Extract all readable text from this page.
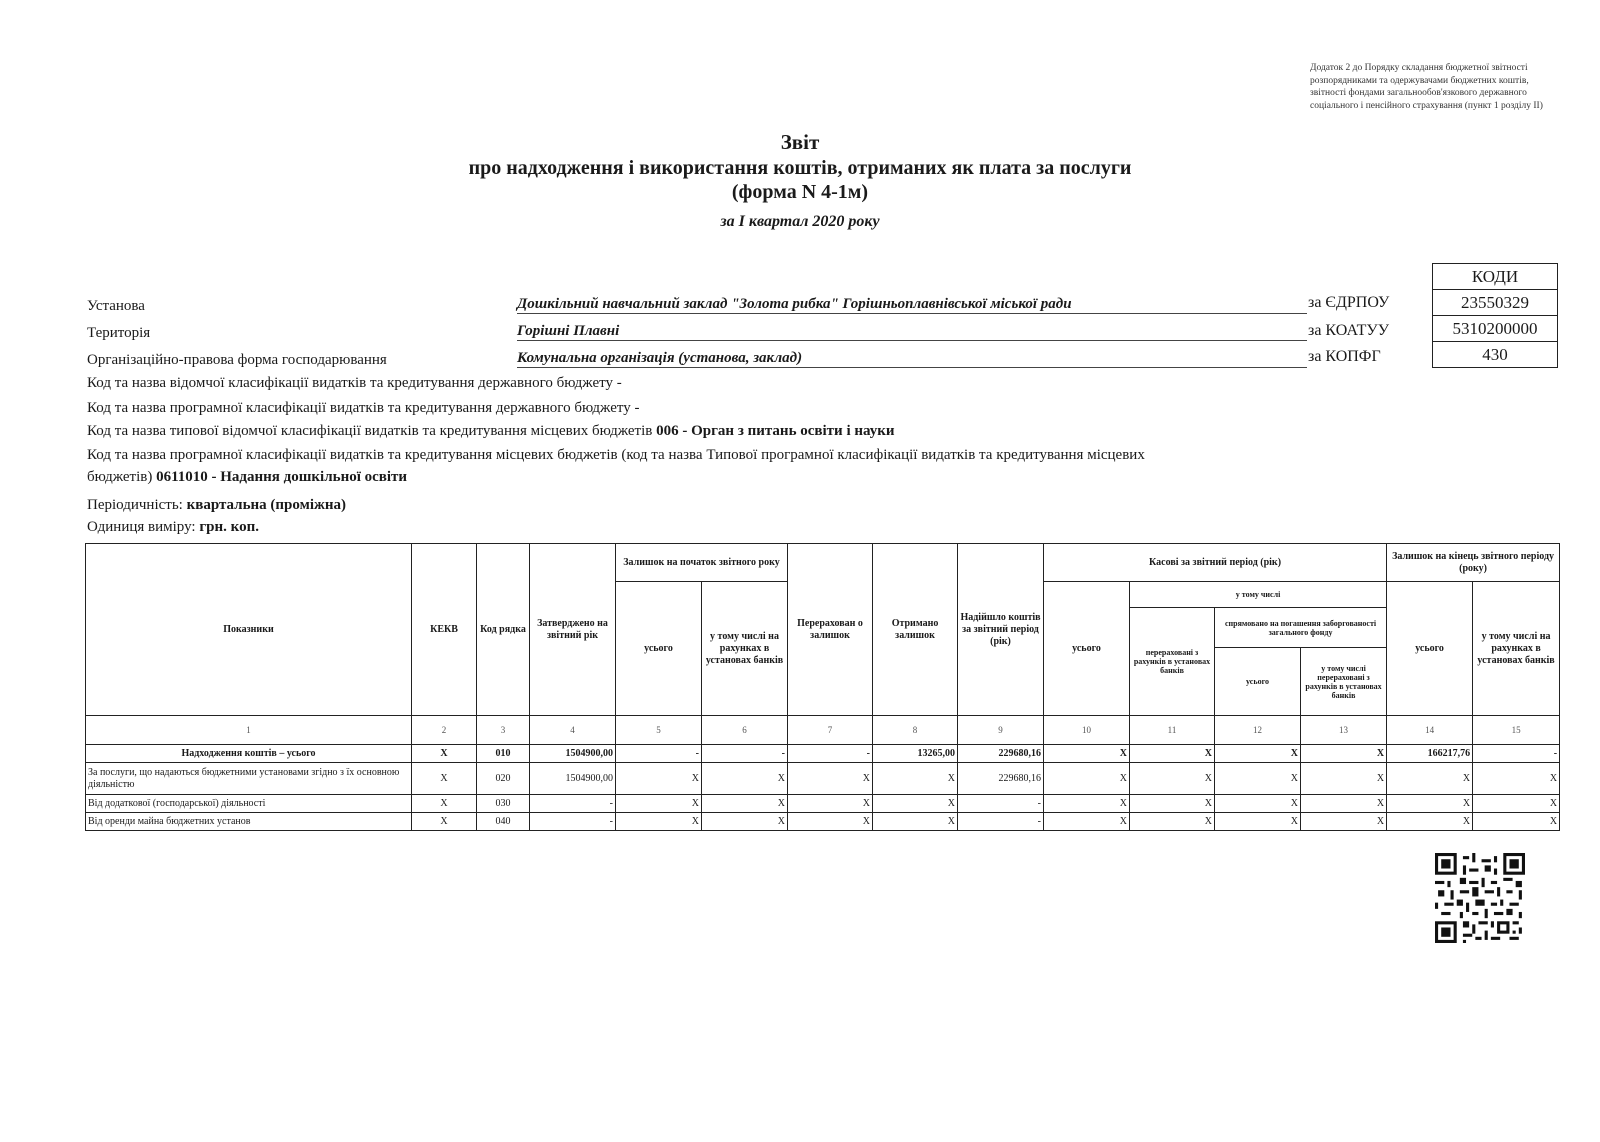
Додаток 2 до Порядку складання бюджетної звітності розпорядниками та одержувачами бюджетних коштів, звітності фондами загальнообов'язкового державного соціального і пенсійного страхування (пункт 1 розділу II)
Звіт
про надходження і використання коштів, отриманих як плата за послуги
(форма N 4-1м)
за I квартал 2020 року
КОДИ
23550329
5310200000
430
Установа	Дошкільний навчальний заклад "Золота рибка" Горішньоплавнівської міської ради	за ЄДРПОУ
Територія	Горішні Плавні	за КОАТУУ
Організаційно-правова форма господарювання	Комунальна організація (установа, заклад)	за КОПФГ
Код та назва відомчої класифікації видатків та кредитування державного бюджету -
Код та назва програмної класифікації видатків та кредитування державного бюджету -
Код та назва типової відомчої класифікації видатків та кредитування місцевих бюджетів 006 - Орган з питань освіти і науки
Код та назва програмної класифікації видатків та кредитування місцевих бюджетів (код та назва Типової програмної класифікації видатків та кредитування місцевих
бюджетів) 0611010 - Надання дошкільної освіти
Періодичність: квартальна (проміжна)
Одиниця виміру: грн. коп.
Показники	КЕКВ	Код рядка	Затверджено на звітний рік	Залишок на початок звітного року		Перерахован о залишок	Отримано залишок	Надійшло коштів за звітний період (рік)	Касові за звітний період (рік)				Залишок на кінець звітного періоду (року)	
				усього	у тому числі на рахунках в установах банків				усього	у тому числі			усього	у тому числі на рахунках в установах банків
										перераховані з рахунків в установах банків	спрямовано на погашення заборгованості загального фонду			
											усього	у тому числі перераховані з рахунків в установах банків		
1	2	3	4	5	6	7	8	9	10	11	12	13	14	15
Надходження коштів – усього	X	010	1504900,00	-	-	-	13265,00	229680,16	X	X	X	X	166217,76	-
За послуги, що надаються бюджетними установами згідно з їх основною діяльністю	X	020	1504900,00	X	X	X	X	229680,16	X	X	X	X	X	X
Від додаткової (господарської) діяльності	X	030	-	X	X	X	X	-	X	X	X	X	X	X
Від оренди майна бюджетних установ	X	040	-	X	X	X	X	-	X	X	X	X	X	X
